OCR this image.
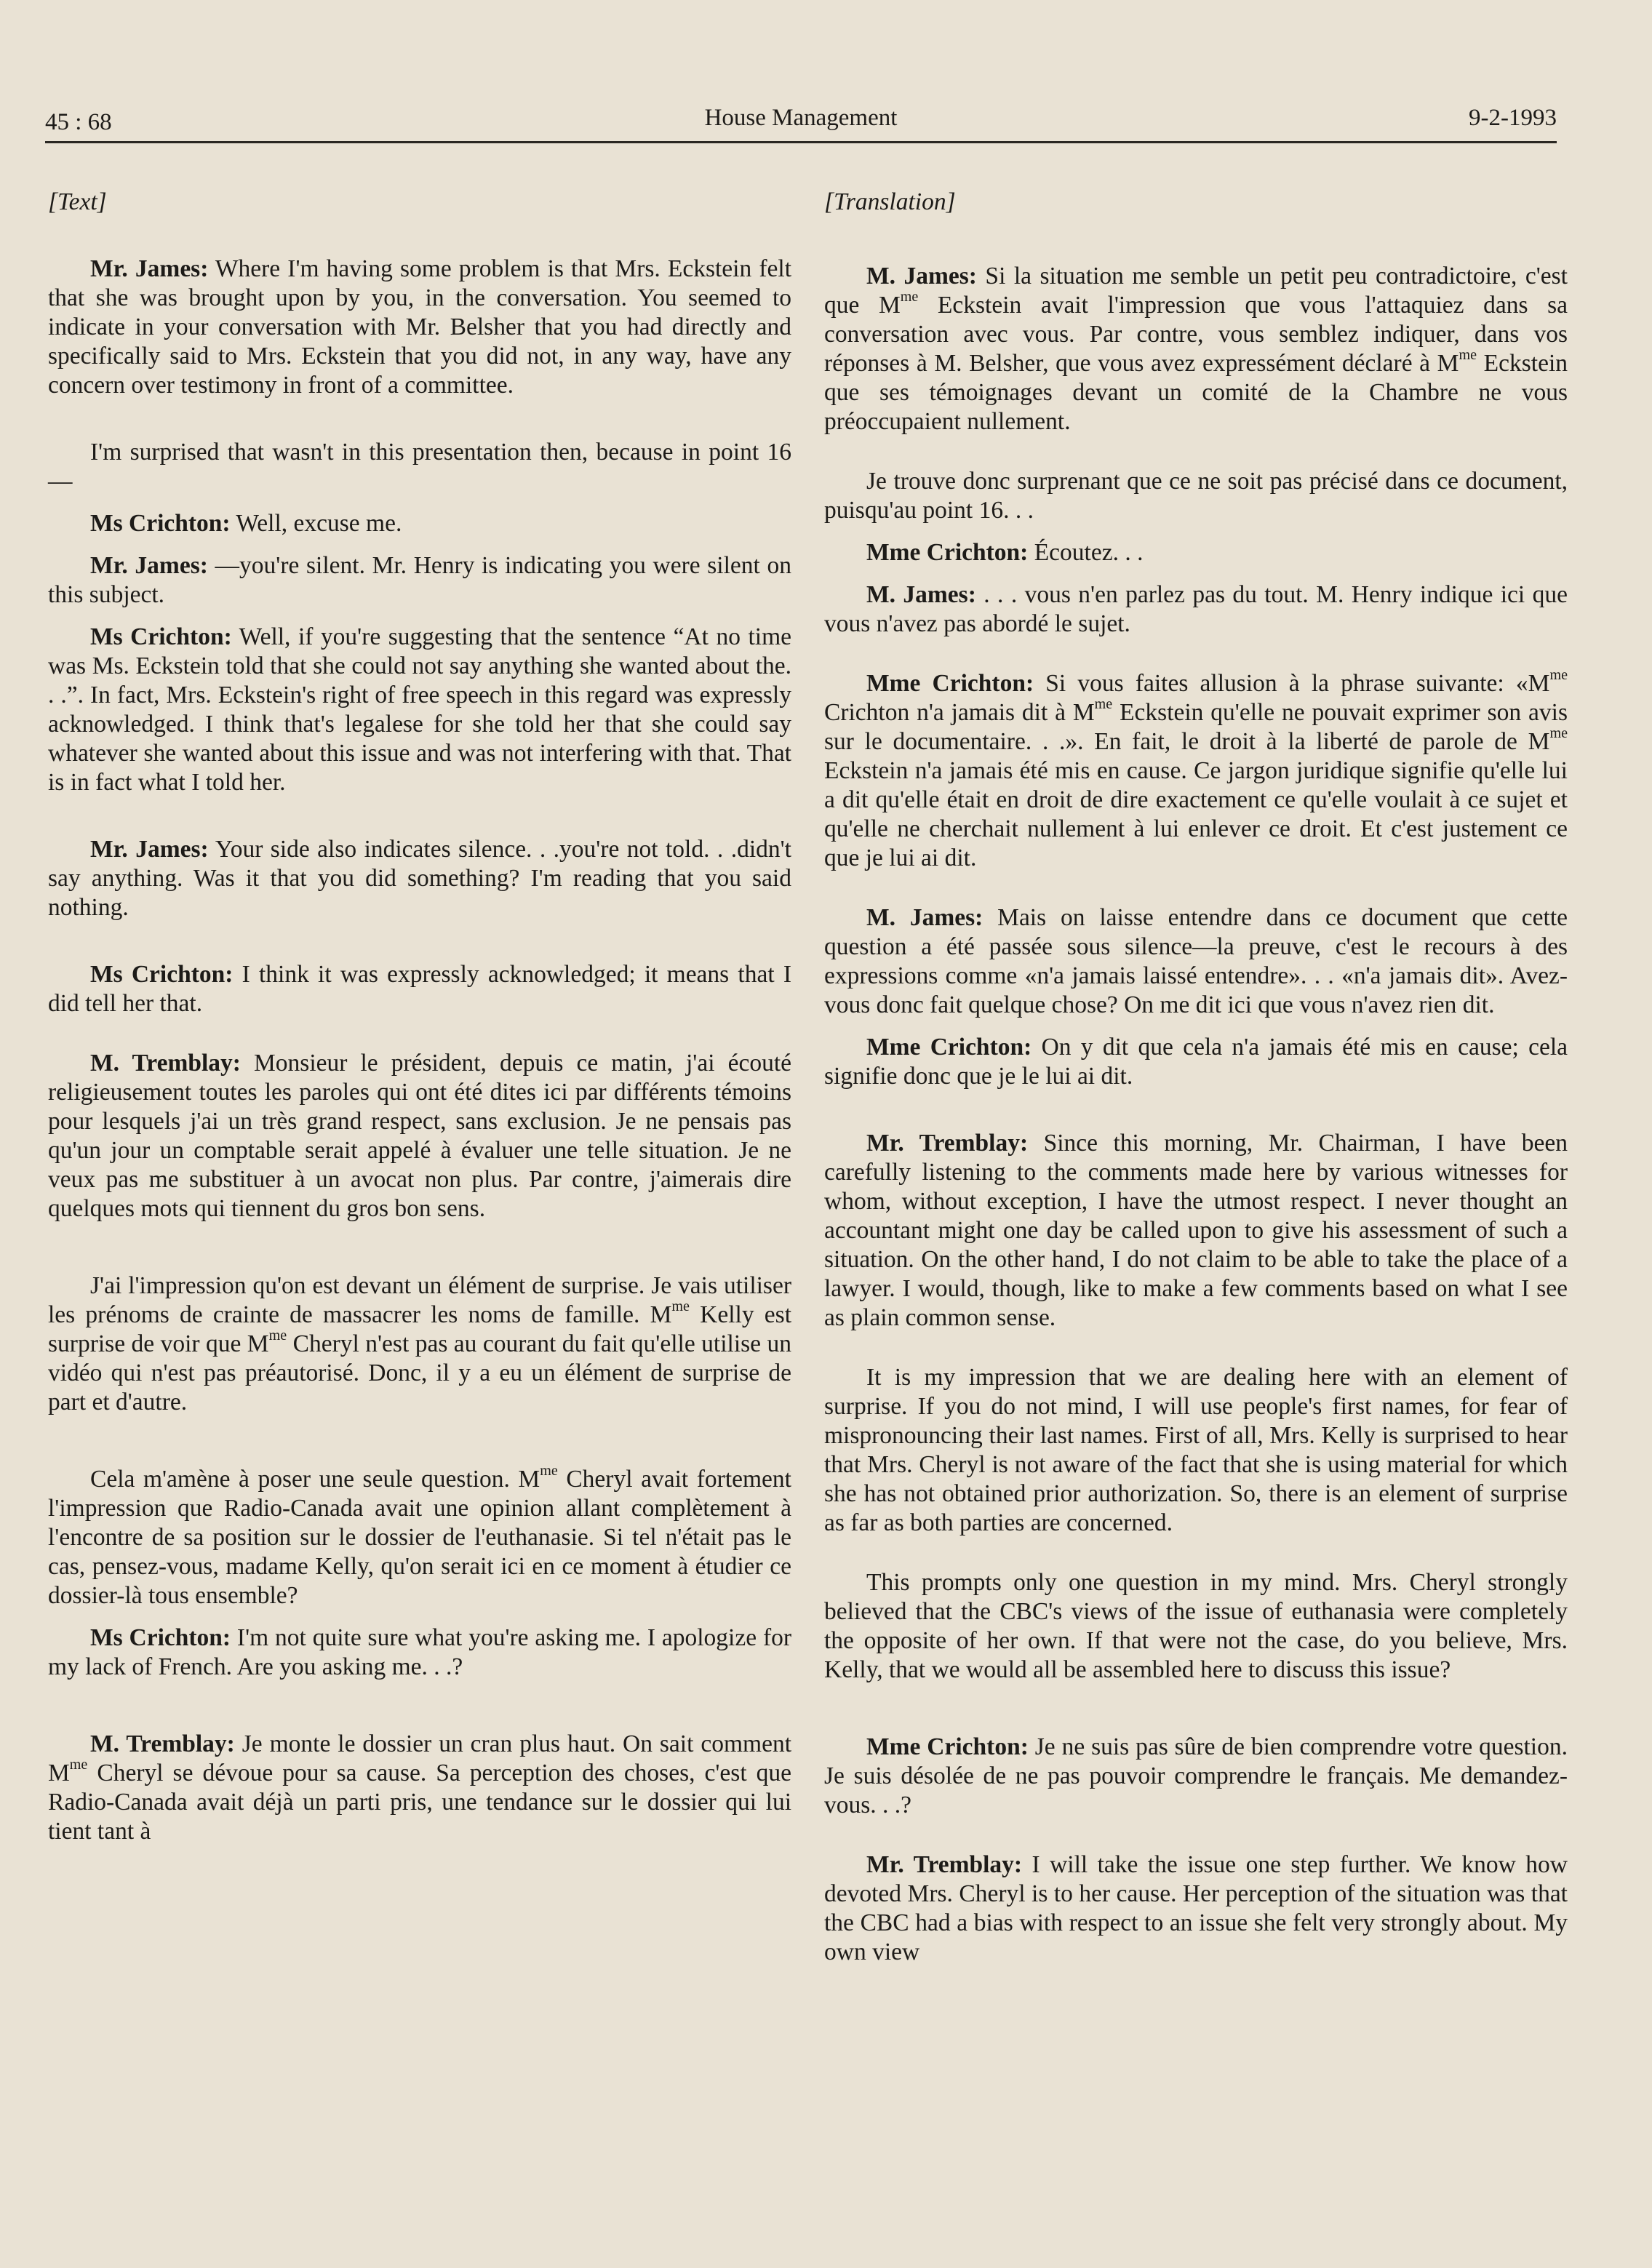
45 : 68	House Management	9-2-1993

[Text]

Mr. James: Where I'm having some problem is that Mrs. Eckstein felt that she was brought upon by you, in the conversation. You seemed to indicate in your conversation with Mr. Belsher that you had directly and specifically said to Mrs. Eckstein that you did not, in any way, have any concern over testimony in front of a committee.

I'm surprised that wasn't in this presentation then, because in point 16—

Ms Crichton: Well, excuse me.

Mr. James: —you're silent. Mr. Henry is indicating you were silent on this subject.

Ms Crichton: Well, if you're suggesting that the sentence “At no time was Ms. Eckstein told that she could not say anything she wanted about the. . .”. In fact, Mrs. Eckstein's right of free speech in this regard was expressly acknowledged. I think that's legalese for she told her that she could say whatever she wanted about this issue and was not interfering with that. That is in fact what I told her.

Mr. James: Your side also indicates silence. . .you're not told. . .didn't say anything. Was it that you did something? I'm reading that you said nothing.

Ms Crichton: I think it was expressly acknowledged; it means that I did tell her that.

M. Tremblay: Monsieur le président, depuis ce matin, j'ai écouté religieusement toutes les paroles qui ont été dites ici par différents témoins pour lesquels j'ai un très grand respect, sans exclusion. Je ne pensais pas qu'un jour un comptable serait appelé à évaluer une telle situation. Je ne veux pas me substituer à un avocat non plus. Par contre, j'aimerais dire quelques mots qui tiennent du gros bon sens.

J'ai l'impression qu'on est devant un élément de surprise. Je vais utiliser les prénoms de crainte de massacrer les noms de famille. $M^{me}$ Kelly est surprise de voir que $M^{me}$ Cheryl n'est pas au courant du fait qu'elle utilise un vidéo qui n'est pas préautorisé. Donc, il y a eu un élément de surprise de part et d'autre.

Cela m'amène à poser une seule question. $M^{me}$ Cheryl avait fortement l'impression que Radio-Canada avait une opinion allant complètement à l'encontre de sa position sur le dossier de l'euthanasie. Si tel n'était pas le cas, pensez-vous, madame Kelly, qu'on serait ici en ce moment à étudier ce dossier-là tous ensemble?

Ms Crichton: I'm not quite sure what you're asking me. I apologize for my lack of French. Are you asking me. . .?

M. Tremblay: Je monte le dossier un cran plus haut. On sait comment $M^{me}$ Cheryl se dévoue pour sa cause. Sa perception des choses, c'est que Radio-Canada avait déjà un parti pris, une tendance sur le dossier qui lui tient tant à

[Translation]

M. James: Si la situation me semble un petit peu contradictoire, c'est que $M^{me}$ Eckstein avait l'impression que vous l'attaquiez dans sa conversation avec vous. Par contre, vous semblez indiquer, dans vos réponses à M. Belsher, que vous avez expressément déclaré à $M^{me}$ Eckstein que ses témoignages devant un comité de la Chambre ne vous préoccupaient nullement.

Je trouve donc surprenant que ce ne soit pas précisé dans ce document, puisqu'au point 16. . .

Mme Crichton: Écoutez. . .

M. James: . . . vous n'en parlez pas du tout. M. Henry indique ici que vous n'avez pas abordé le sujet.

Mme Crichton: Si vous faites allusion à la phrase suivante: «$M^{me}$ Crichton n'a jamais dit à $M^{me}$ Eckstein qu'elle ne pouvait exprimer son avis sur le documentaire. . .». En fait, le droit à la liberté de parole de $M^{me}$ Eckstein n'a jamais été mis en cause. Ce jargon juridique signifie qu'elle lui a dit qu'elle était en droit de dire exactement ce qu'elle voulait à ce sujet et qu'elle ne cherchait nullement à lui enlever ce droit. Et c'est justement ce que je lui ai dit.

M. James: Mais on laisse entendre dans ce document que cette question a été passée sous silence—la preuve, c'est le recours à des expressions comme «n'a jamais laissé entendre». . . «n'a jamais dit». Avez-vous donc fait quelque chose? On me dit ici que vous n'avez rien dit.

Mme Crichton: On y dit que cela n'a jamais été mis en cause; cela signifie donc que je le lui ai dit.

Mr. Tremblay: Since this morning, Mr. Chairman, I have been carefully listening to the comments made here by various witnesses for whom, without exception, I have the utmost respect. I never thought an accountant might one day be called upon to give his assessment of such a situation. On the other hand, I do not claim to be able to take the place of a lawyer. I would, though, like to make a few comments based on what I see as plain common sense.

It is my impression that we are dealing here with an element of surprise. If you do not mind, I will use people's first names, for fear of mispronouncing their last names. First of all, Mrs. Kelly is surprised to hear that Mrs. Cheryl is not aware of the fact that she is using material for which she has not obtained prior authorization. So, there is an element of surprise as far as both parties are concerned.

This prompts only one question in my mind. Mrs. Cheryl strongly believed that the CBC's views of the issue of euthanasia were completely the opposite of her own. If that were not the case, do you believe, Mrs. Kelly, that we would all be assembled here to discuss this issue?

Mme Crichton: Je ne suis pas sûre de bien comprendre votre question. Je suis désolée de ne pas pouvoir comprendre le français. Me demandez-vous. . .?

Mr. Tremblay: I will take the issue one step further. We know how devoted Mrs. Cheryl is to her cause. Her perception of the situation was that the CBC had a bias with respect to an issue she felt very strongly about. My own view
